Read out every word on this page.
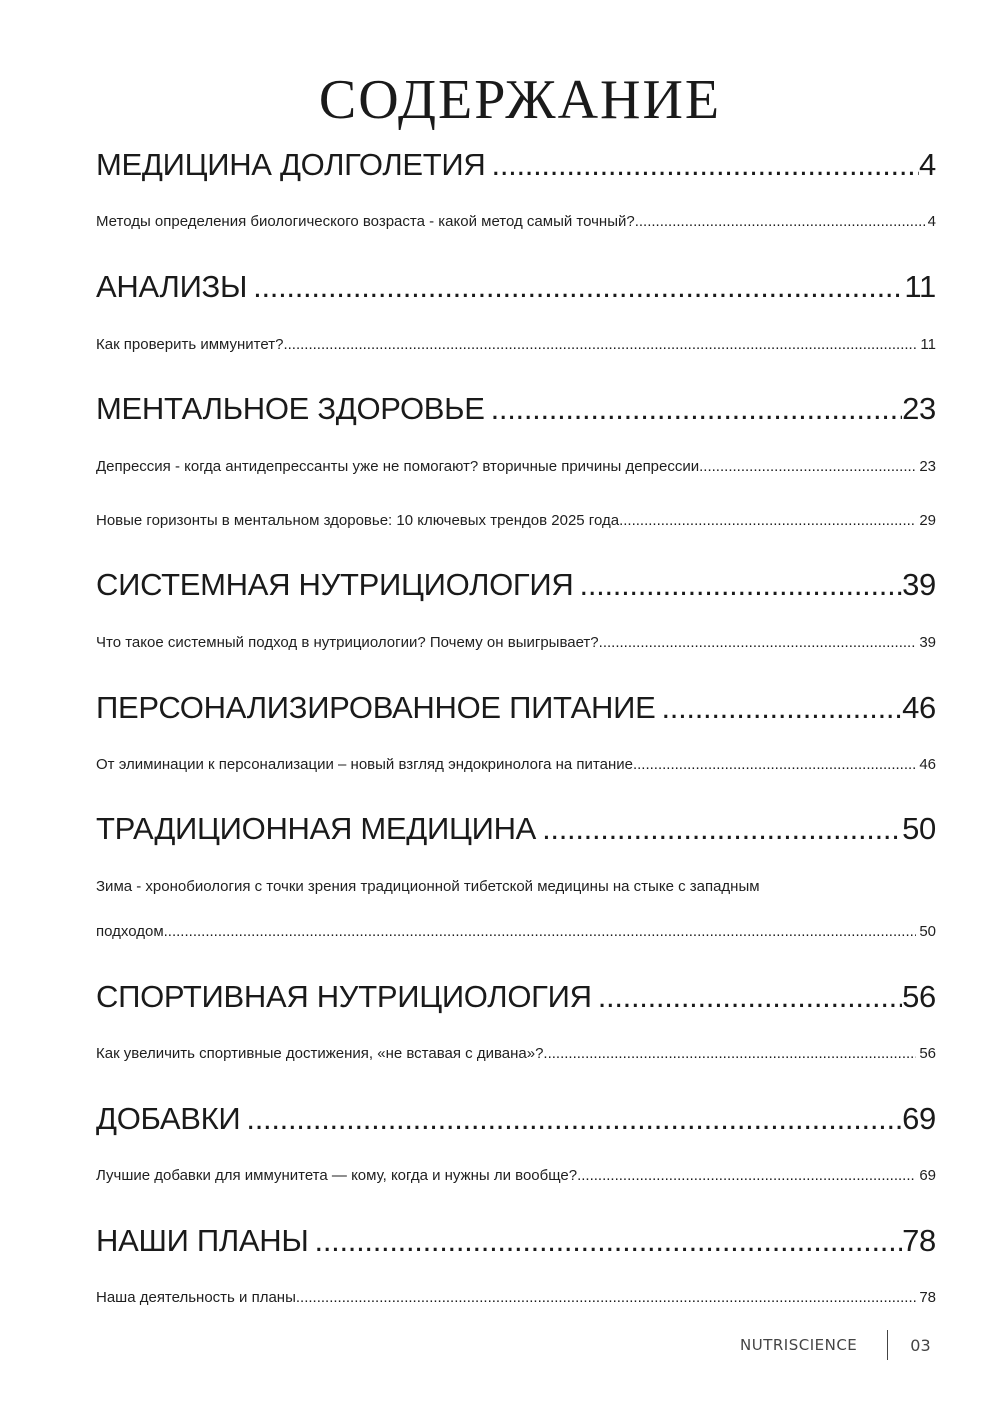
СОДЕРЖАНИЕ
МЕДИЦИНА ДОЛГОЛЕТИЯ .....	4
Методы определения биологического возраста - какой метод самый точный? .....	4
АНАЛИЗЫ .....	11
Как проверить иммунитет? .....	11
МЕНТАЛЬНОЕ ЗДОРОВЬЕ .....	23
Депрессия - когда антидепрессанты уже не помогают? вторичные причины депрессии .....	23
Новые горизонты в ментальном здоровье: 10 ключевых трендов 2025 года .....	29
СИСТЕМНАЯ НУТРИЦИОЛОГИЯ .....	39
Что такое системный подход в нутрициологии? Почему он выигрывает? .....	39
ПЕРСОНАЛИЗИРОВАННОЕ ПИТАНИЕ .....	46
От элиминации к персонализации – новый взгляд эндокринолога на питание .....	46
ТРАДИЦИОННАЯ МЕДИЦИНА .....	50
Зима - хронобиология с точки зрения традиционной тибетской медицины на стыке с западным
подходом .....	50
СПОРТИВНАЯ НУТРИЦИОЛОГИЯ .....	56
Как увеличить спортивные достижения, «не вставая с дивана»? .....	56
ДОБАВКИ .....	69
Лучшие добавки для иммунитета — кому, когда и нужны ли вообще? .....	69
НАШИ ПЛАНЫ .....	78
Наша деятельность и планы .....	78
NUTRISCIENCE	03
